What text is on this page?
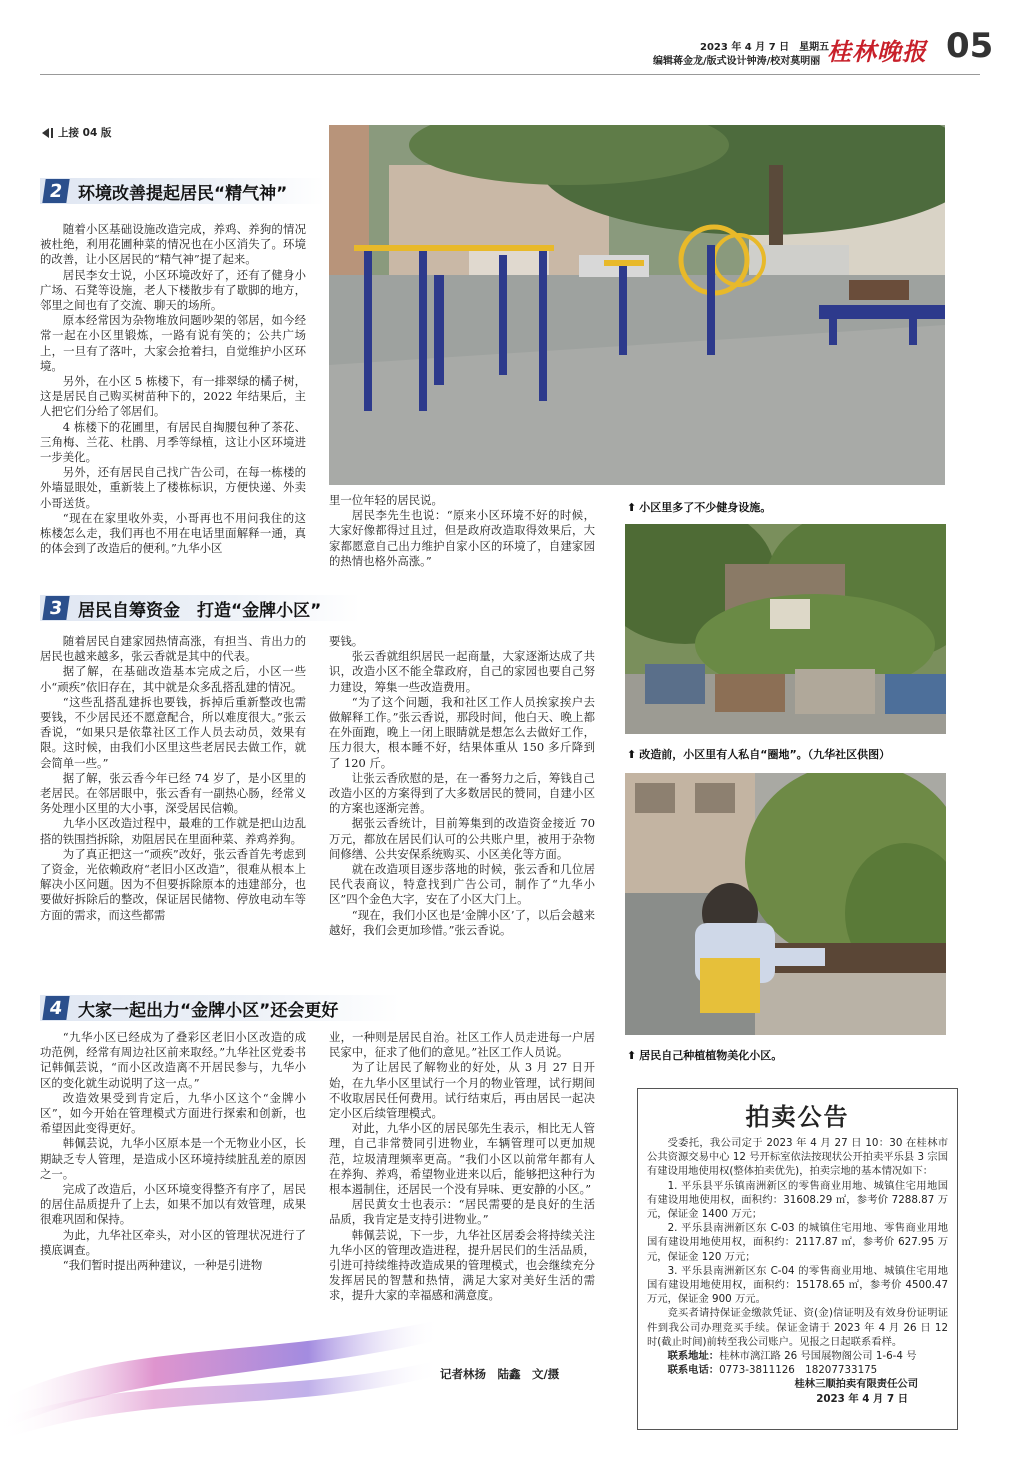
2023 年 4 月 7 日　星期五
编辑蒋金龙/版式设计钟涛/校对莫明丽 桂林晚报 05
上接 04 版
2 环境改善提起居民“精气神”

随着小区基础设施改造完成，养鸡、养狗的情况被杜绝，利用花圃种菜的情况也在小区消失了。环境的改善，让小区居民的“精气神”提了起来。

居民李女士说，小区环境改好了，还有了健身小广场、石凳等设施，老人下楼散步有了歇脚的地方，邻里之间也有了交流、聊天的场所。

原本经常因为杂物堆放问题吵架的邻居，如今经常一起在小区里锻炼，一路有说有笑的；公共广场上，一旦有了落叶，大家会抢着扫，自觉维护小区环境。

另外，在小区 5 栋楼下，有一排翠绿的橘子树，这是居民自己购买树苗种下的，2022 年结果后，主人把它们分给了邻居们。

4 栋楼下的花圃里，有居民自掏腰包种了茶花、三角梅、兰花、杜鹃、月季等绿植，这让小区环境进一步美化。

另外，还有居民自己找广告公司，在每一栋楼的外墙显眼处，重新装上了楼栋标识，方便快递、外卖小哥送货。

“现在在家里收外卖，小哥再也不用问我住的这栋楼怎么走，我们再也不用在电话里面解释一通，真的体会到了改造后的便利。”九华小区

里一位年轻的居民说。

居民李先生也说：“原来小区环境不好的时候，大家好像都得过且过，但是政府改造取得效果后，大家都愿意自己出力维护自家小区的环境了，自建家园的热情也格外高涨。”

⬆ 小区里多了不少健身设施。
3 居民自筹资金　打造“金牌小区”

随着居民自建家园热情高涨，有担当、肯出力的居民也越来越多，张云香就是其中的代表。

据了解，在基础改造基本完成之后，小区一些小“顽疾”依旧存在，其中就是众多乱搭乱建的情况。

“这些乱搭乱建拆也要钱，拆掉后重新整改也需要钱，不少居民还不愿意配合，所以难度很大。”张云香说，“如果只是依靠社区工作人员去动员，效果有限。这时候，由我们小区里这些老居民去做工作，就会简单一些。”

据了解，张云香今年已经 74 岁了，是小区里的老居民。在邻居眼中，张云香有一副热心肠，经常义务处理小区里的大小事，深受居民信赖。

九华小区改造过程中，最难的工作就是把山边乱搭的铁围挡拆除，劝阻居民在里面种菜、养鸡养狗。

为了真正把这一“顽疾”改好，张云香首先考虑到了资金，光依赖政府“老旧小区改造”，很难从根本上解决小区问题。因为不但要拆除原本的违建部分，也要做好拆除后的整改，保证居民储物、停放电动车等方面的需求，而这些都需

要钱。

张云香就组织居民一起商量，大家逐渐达成了共识，改造小区不能全靠政府，自己的家园也要自己努力建设，筹集一些改造费用。

“为了这个问题，我和社区工作人员挨家挨户去做解释工作。”张云香说，那段时间，他白天、晚上都在外面跑，晚上一闭上眼睛就是想怎么去做好工作，压力很大，根本睡不好，结果体重从 150 多斤降到了 120 斤。

让张云香欣慰的是，在一番努力之后，筹钱自己改造小区的方案得到了大多数居民的赞同，自建小区的方案也逐渐完善。

据张云香统计，目前筹集到的改造资金接近 70 万元，都放在居民们认可的公共账户里，被用于杂物间修缮、公共安保系统购买、小区美化等方面。

就在改造项目逐步落地的时候，张云香和几位居民代表商议，特意找到广告公司，制作了“九华小区”四个金色大字，安在了小区大门上。

“现在，我们小区也是‘金牌小区’了，以后会越来越好，我们会更加珍惜。”张云香说。

⬆ 改造前，小区里有人私自“圈地”。（九华社区供图）
⬆ 居民自己种植植物美化小区。
4 大家一起出力“金牌小区”还会更好

“九华小区已经成为了叠彩区老旧小区改造的成功范例，经常有周边社区前来取经。”九华社区党委书记韩佩芸说，“而小区改造离不开居民参与，九华小区的变化就生动说明了这一点。”

改造效果受到肯定后，九华小区这个“金牌小区”，如今开始在管理模式方面进行探索和创新，也希望因此变得更好。

韩佩芸说，九华小区原本是一个无物业小区，长期缺乏专人管理，是造成小区环境持续脏乱差的原因之一。

完成了改造后，小区环境变得整齐有序了，居民的居住品质提升了上去，如果不加以有效管理，成果很难巩固和保持。

为此，九华社区牵头，对小区的管理状况进行了摸底调查。

“我们暂时提出两种建议，一种是引进物

业，一种则是居民自治。社区工作人员走进每一户居民家中，征求了他们的意见。”社区工作人员说。

为了让居民了解物业的好处，从 3 月 27 日开始，在九华小区里试行一个月的物业管理，试行期间不收取居民任何费用。试行结束后，再由居民一起决定小区后续管理模式。

对此，九华小区的居民邬先生表示，相比无人管理，自己非常赞同引进物业，车辆管理可以更加规范，垃圾清理频率更高。“我们小区以前常年都有人在养狗、养鸡，希望物业进来以后，能够把这种行为根本遏制住，还居民一个没有异味、更安静的小区。”

居民黄女士也表示：“居民需要的是良好的生活品质，我肯定是支持引进物业。”

韩佩芸说，下一步，九华社区居委会将持续关注九华小区的管理改造进程，提升居民们的生活品质，引进可持续维持改造成果的管理模式，也会继续充分发挥居民的智慧和热情，满足大家对美好生活的需求，提升大家的幸福感和满意度。

记者林扬　陆鑫　文/摄
拍卖公告

受委托，我公司定于 2023 年 4 月 27 日 10：30 在桂林市公共资源交易中心 12 号开标室依法按现状公开拍卖平乐县 3 宗国有建设用地使用权(整体拍卖优先)，拍卖宗地的基本情况如下：

1. 平乐县平乐镇南洲新区的零售商业用地、城镇住宅用地国有建设用地使用权，面积约：31608.29 ㎡，参考价 7288.87 万元，保证金 1400 万元；

2. 平乐县南洲新区东 C-03 的城镇住宅用地、零售商业用地国有建设用地使用权，面积约：2117.87 ㎡，参考价 627.95 万元，保证金 120 万元；

3. 平乐县南洲新区东 C-04 的零售商业用地、城镇住宅用地国有建设用地使用权，面积约：15178.65 ㎡，参考价 4500.47 万元，保证金 900 万元。

竞买者请持保证金缴款凭证、资(金)信证明及有效身份证明证件到我公司办理竞买手续。保证金请于 2023 年 4 月 26 日 12 时(截止时间)前转至我公司账户。见报之日起联系看样。

联系地址：桂林市漓江路 26 号国展物阁公司 1-6-4 号

联系电话：0773-3811126　18207733175

桂林三顺拍卖有限责任公司

2023 年 4 月 7 日
